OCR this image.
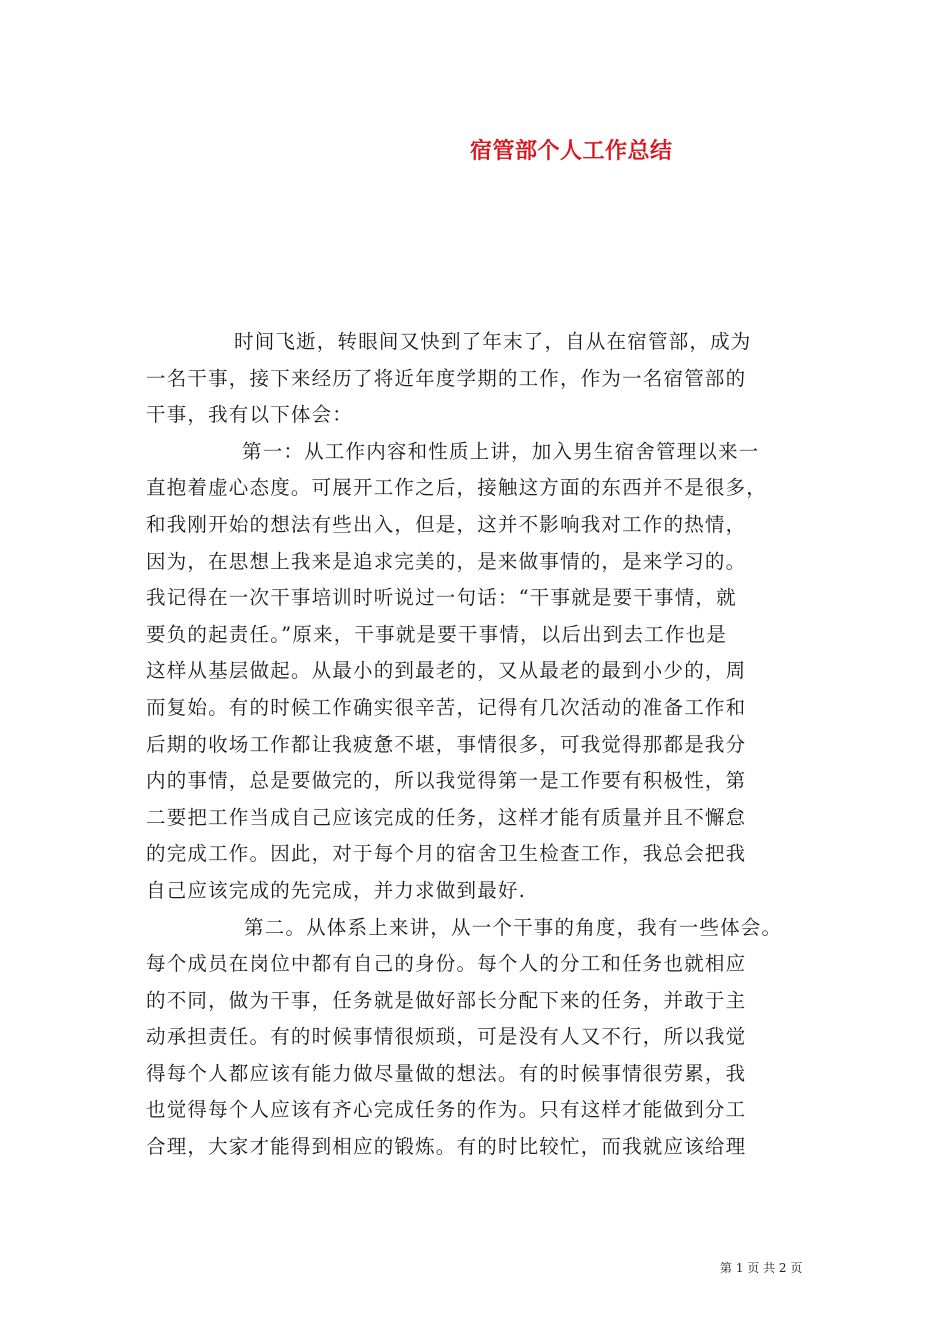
宿管部个人工作总结
时间飞逝，转眼间又快到了年末了，自从在宿管部，成为
一名干事，接下来经历了将近年度学期的工作，作为一名宿管部的
干事，我有以下体会：
第一：从工作内容和性质上讲，加入男生宿舍管理以来一
直抱着虚心态度。可展开工作之后，接触这方面的东西并不是很多，
和我刚开始的想法有些出入，但是，这并不影响我对工作的热情，
因为，在思想上我来是追求完美的，是来做事情的，是来学习的。
我记得在一次干事培训时听说过一句话：“干事就是要干事情，就
要负的起责任。”原来，干事就是要干事情，以后出到去工作也是
这样从基层做起。从最小的到最老的，又从最老的最到小少的，周
而复始。有的时候工作确实很辛苦，记得有几次活动的准备工作和
后期的收场工作都让我疲惫不堪，事情很多，可我觉得那都是我分
内的事情，总是要做完的，所以我觉得第一是工作要有积极性，第
二要把工作当成自己应该完成的任务，这样才能有质量并且不懈怠
的完成工作。因此，对于每个月的宿舍卫生检查工作，我总会把我
自己应该完成的先完成，并力求做到最好.
第二。从体系上来讲，从一个干事的角度，我有一些体会。
每个成员在岗位中都有自己的身份。每个人的分工和任务也就相应
的不同，做为干事，任务就是做好部长分配下来的任务，并敢于主
动承担责任。有的时候事情很烦琐，可是没有人又不行，所以我觉
得每个人都应该有能力做尽量做的想法。有的时候事情很劳累，我
也觉得每个人应该有齐心完成任务的作为。只有这样才能做到分工
合理，大家才能得到相应的锻炼。有的时比较忙，而我就应该给理
第 1 页 共 2 页
